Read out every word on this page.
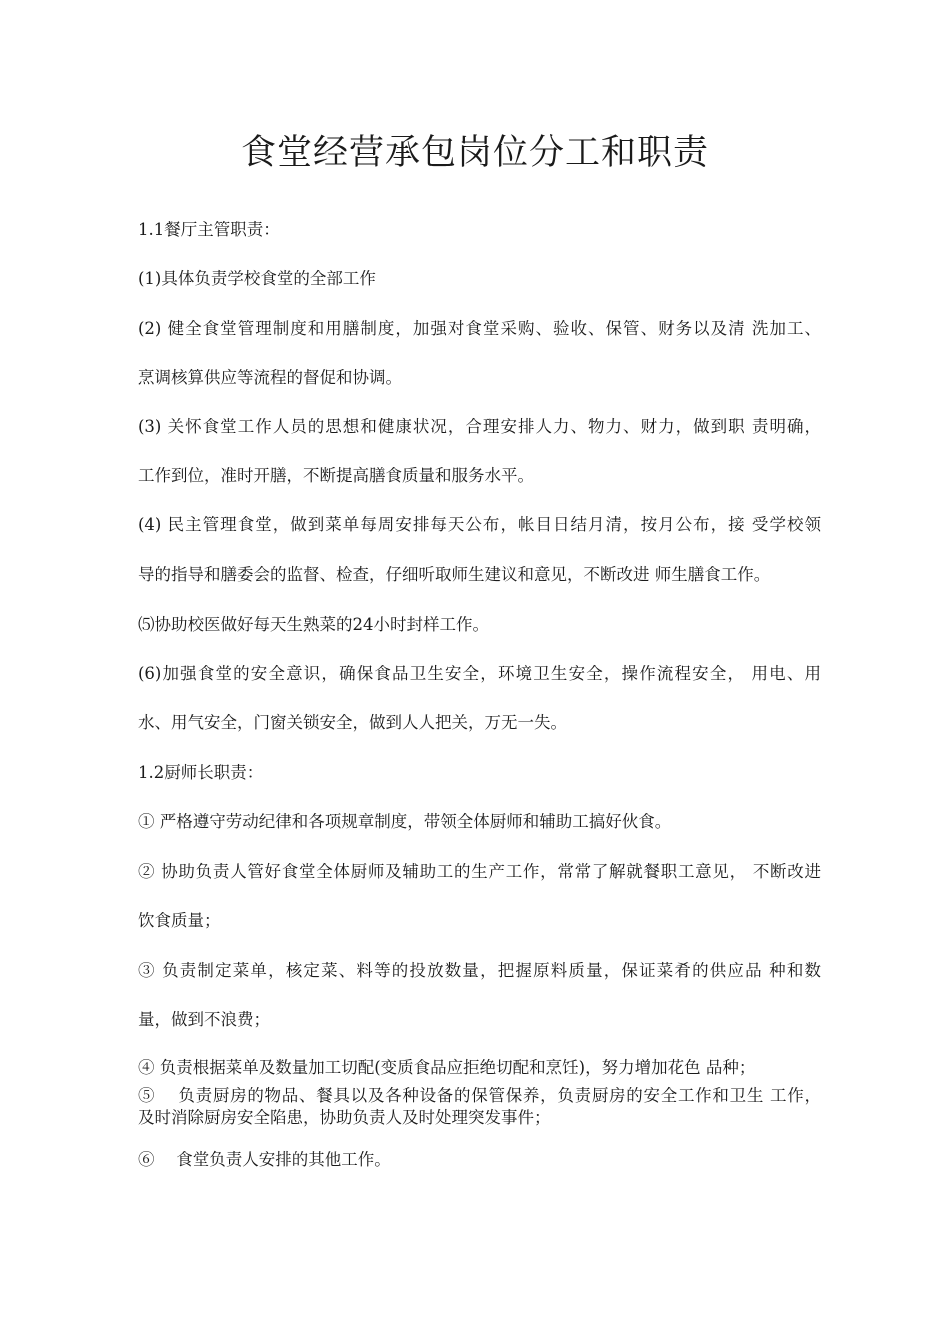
食堂经营承包岗位分工和职责
1.1餐厅主管职责：
(1)具体负责学校食堂的全部工作
(2) 健全食堂管理制度和用膳制度，加强对食堂采购、验收、保管、财务以及清 洗加工、
烹调核算供应等流程的督促和协调。
(3) 关怀食堂工作人员的思想和健康状况，合理安排人力、物力、财力，做到职 责明确，
工作到位，准时开膳，不断提高膳食质量和服务水平。
(4) 民主管理食堂，做到菜单每周安排每天公布，帐目日结月清，按月公布，接 受学校领
导的指导和膳委会的监督、检查，仔细听取师生建议和意见，不断改进 师生膳食工作。
⑸协助校医做好每天生熟菜的24小时封样工作。
(6)加强食堂的安全意识，确保食品卫生安全，环境卫生安全，操作流程安全， 用电、用
水、用气安全，门窗关锁安全，做到人人把关，万无一失。
1.2厨师长职责：
① 严格遵守劳动纪律和各项规章制度，带领全体厨师和辅助工搞好伙食。
② 协助负责人管好食堂全体厨师及辅助工的生产工作，常常了解就餐职工意见， 不断改进
饮食质量；
③ 负责制定菜单，核定菜、料等的投放数量，把握原料质量，保证菜肴的供应品 种和数
量，做到不浪费；
④ 负责根据菜单及数量加工切配(变质食品应拒绝切配和烹饪)，努力增加花色 品种；
⑤　 负责厨房的物品、餐具以及各种设备的保管保养，负责厨房的安全工作和卫生 工作，
及时消除厨房安全陷患，协助负责人及时处理突发事件；
⑥　 食堂负责人安排的其他工作。
